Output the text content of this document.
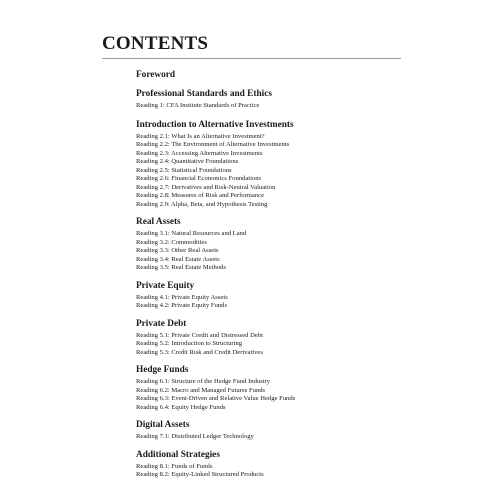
CONTENTS
Foreword
Professional Standards and Ethics
Reading 1: CFA Institute Standards of Practice
Introduction to Alternative Investments
Reading 2.1: What Is an Alternative Investment?
Reading 2.2: The Environment of Alternative Investments
Reading 2.3: Accessing Alternative Investments
Reading 2.4: Quantitative Foundations
Reading 2.5: Statistical Foundations
Reading 2.6: Financial Economics Foundations
Reading 2.7: Derivatives and Risk-Neutral Valuation
Reading 2.8: Measures of Risk and Performance
Reading 2.9: Alpha, Beta, and Hypothesis Testing
Real Assets
Reading 3.1: Natural Resources and Land
Reading 3.2: Commodities
Reading 3.3: Other Real Assets
Reading 3.4: Real Estate Assets
Reading 3.5: Real Estate Methods
Private Equity
Reading 4.1: Private Equity Assets
Reading 4.2: Private Equity Funds
Private Debt
Reading 5.1: Private Credit and Distressed Debt
Reading 5.2: Introduction to Structuring
Reading 5.3: Credit Risk and Credit Derivatives
Hedge Funds
Reading 6.1: Structure of the Hedge Fund Industry
Reading 6.2: Macro and Managed Futures Funds
Reading 6.3: Event-Driven and Relative Value Hedge Funds
Reading 6.4: Equity Hedge Funds
Digital Assets
Reading 7.1: Distributed Ledger Technology
Additional Strategies
Reading 8.1: Funds of Funds
Reading 8.2: Equity-Linked Structured Products
